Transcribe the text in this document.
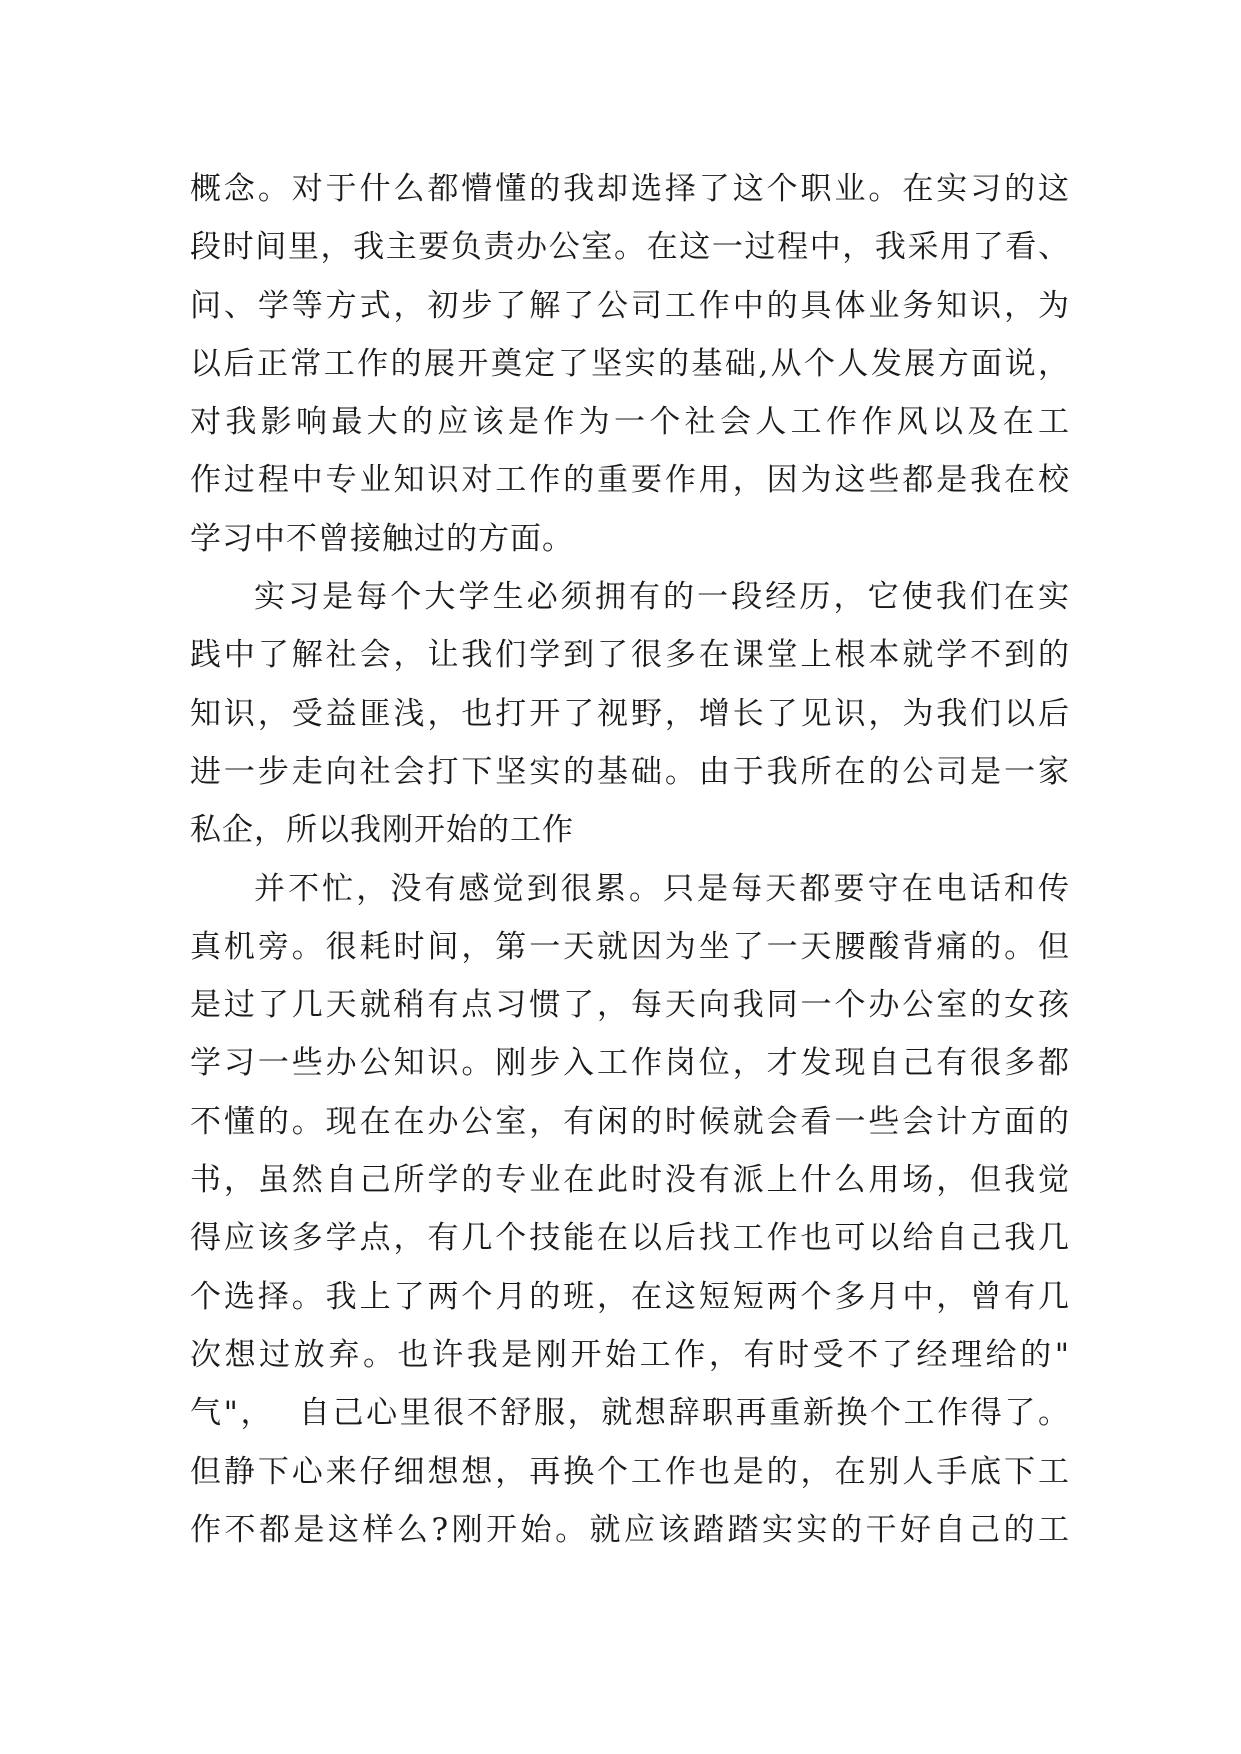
概念。对于什么都懵懂的我却选择了这个职业。在实习的这
段时间里，我主要负责办公室。在这一过程中，我采用了看、
问、学等方式，初步了解了公司工作中的具体业务知识，为
以后正常工作的展开奠定了坚实的基础,从个人发展方面说，
对我影响最大的应该是作为一个社会人工作作风以及在工
作过程中专业知识对工作的重要作用，因为这些都是我在校
学习中不曾接触过的方面。
实习是每个大学生必须拥有的一段经历，它使我们在实
践中了解社会，让我们学到了很多在课堂上根本就学不到的
知识，受益匪浅，也打开了视野，增长了见识，为我们以后
进一步走向社会打下坚实的基础。由于我所在的公司是一家
私企，所以我刚开始的工作
并不忙，没有感觉到很累。只是每天都要守在电话和传
真机旁。很耗时间，第一天就因为坐了一天腰酸背痛的。但
是过了几天就稍有点习惯了，每天向我同一个办公室的女孩
学习一些办公知识。刚步入工作岗位，才发现自己有很多都
不懂的。现在在办公室，有闲的时候就会看一些会计方面的
书，虽然自己所学的专业在此时没有派上什么用场，但我觉
得应该多学点，有几个技能在以后找工作也可以给自己我几
个选择。我上了两个月的班，在这短短两个多月中，曾有几
次想过放弃。也许我是刚开始工作，有时受不了经理给的"
气"，  自己心里很不舒服，就想辞职再重新换个工作得了。
但静下心来仔细想想，再换个工作也是的，在别人手底下工
作不都是这样么?刚开始。就应该踏踏实实的干好自己的工
